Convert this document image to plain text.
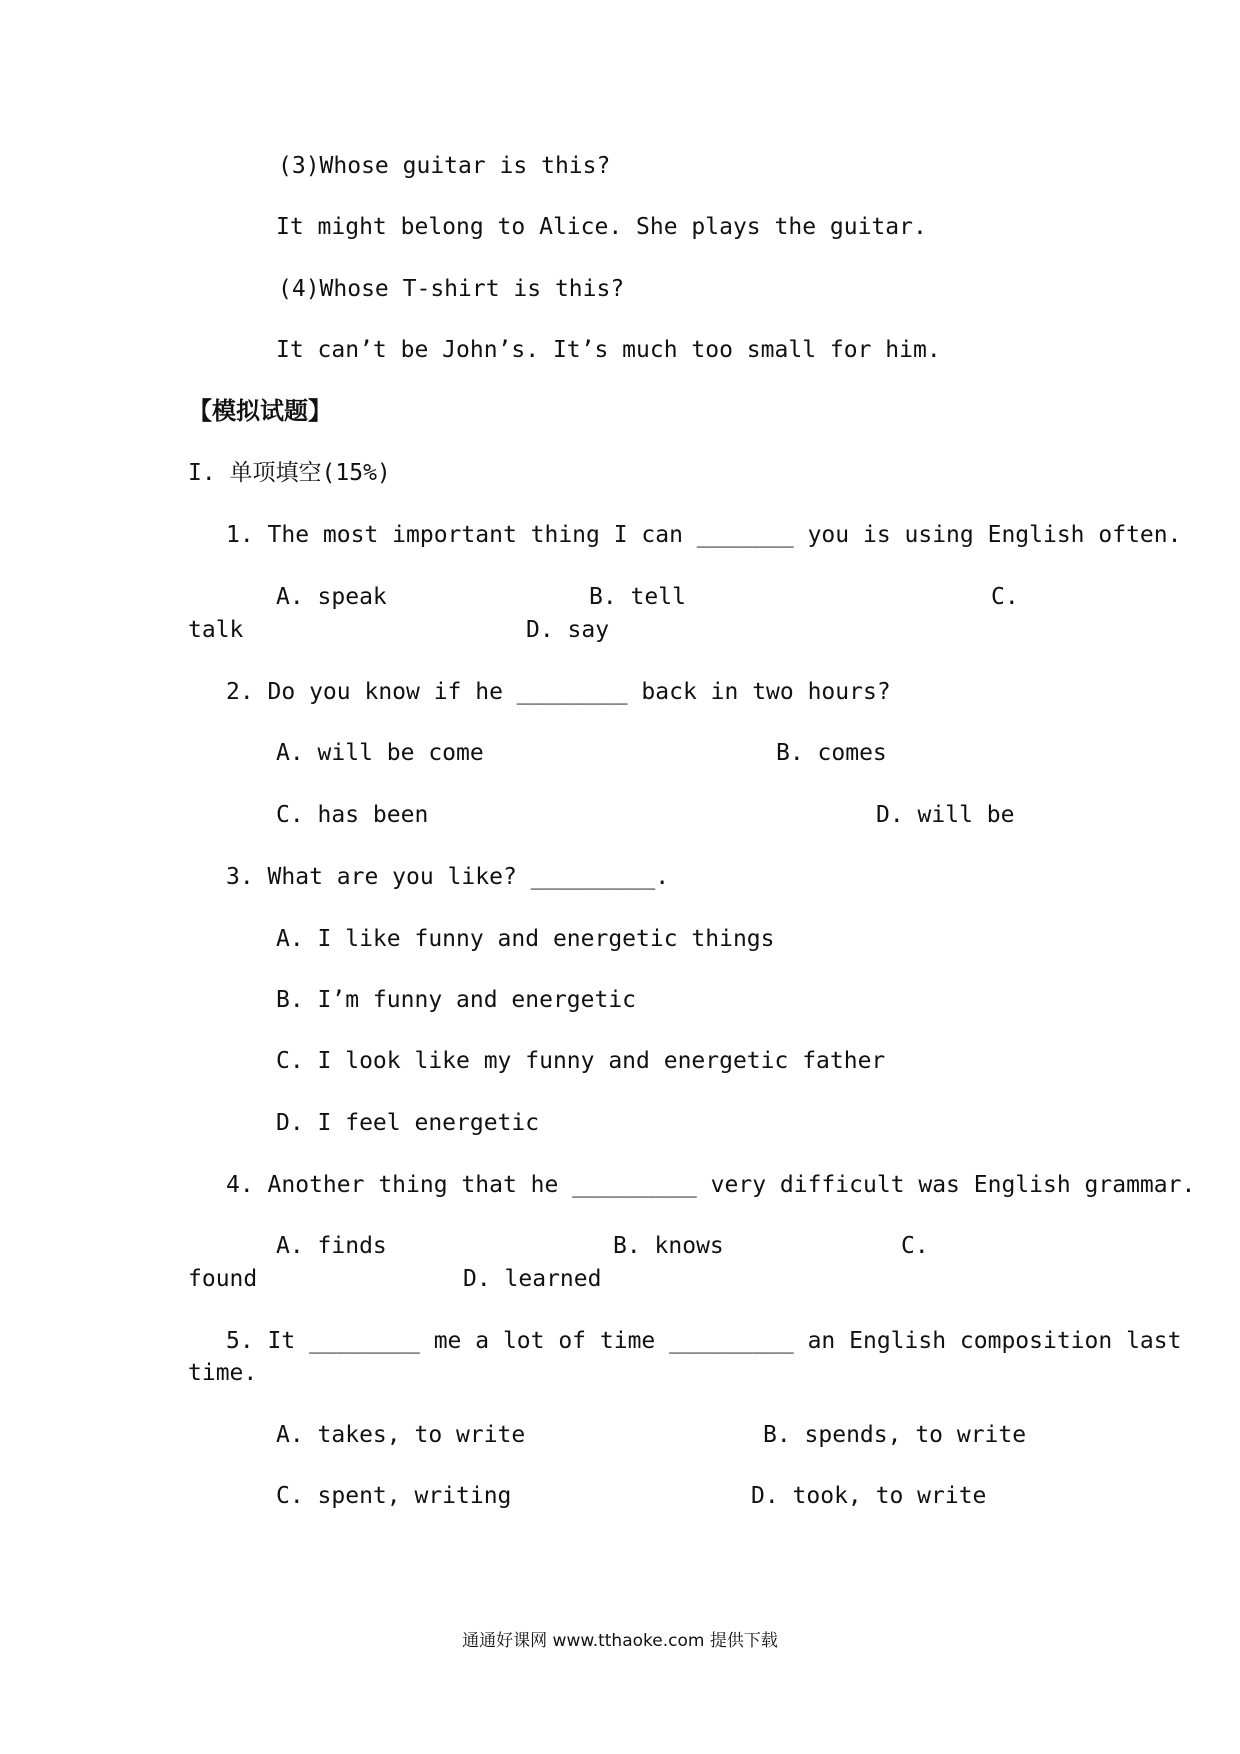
(3)Whose guitar is this?
It might belong to Alice. She plays the guitar.
(4)Whose T-shirt is this?
It can’t be John’s. It’s much too small for him.
【模拟试题】
I. 单项填空(15%)
1. The most important thing I can _______ you is using English often.
A. speak	B. tell	C.
talk	D. say
2. Do you know if he ________ back in two hours?
A. will be come	B. comes
C. has been	D. will be
3. What are you like? _________.
A. I like funny and energetic things
B. I’m funny and energetic
C. I look like my funny and energetic father
D. I feel energetic
4. Another thing that he _________ very difficult was English grammar.
A. finds	B. knows	C.
found	D. learned
5. It ________ me a lot of time _________ an English composition last
time.
A. takes, to write	B. spends, to write
C. spent, writing	D. took, to write
通通好课网 www.tthaoke.com 提供下载
